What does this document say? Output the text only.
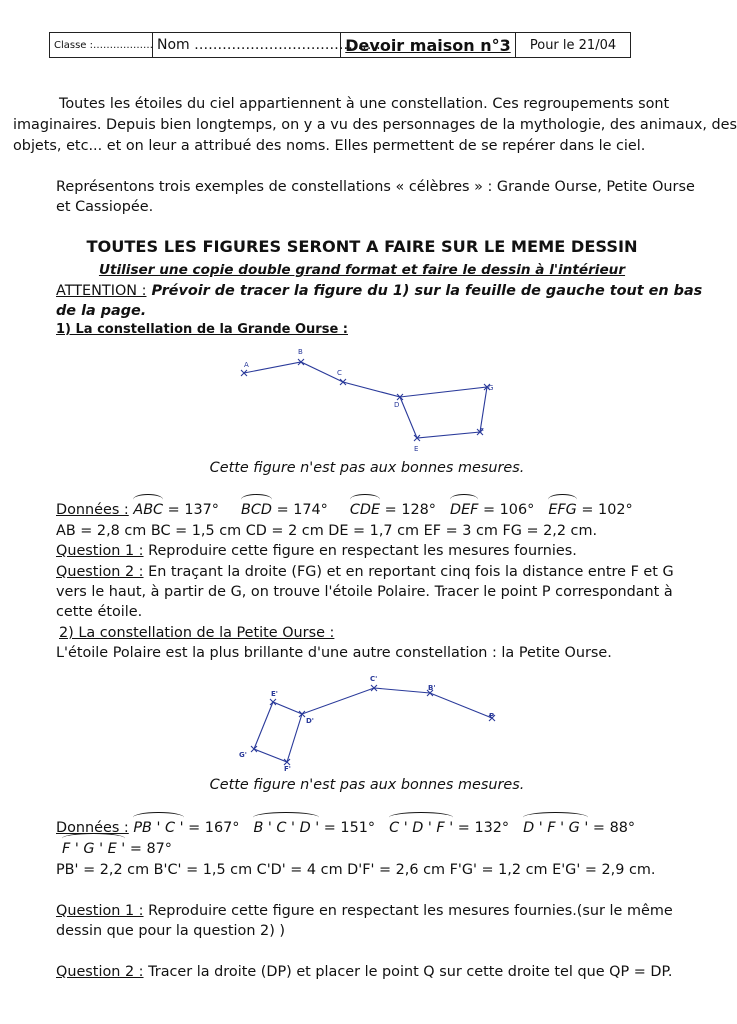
Classe :……………… Nom ………………………………….
Devoir maison n°3	Pour le 21/04
Toutes les étoiles du ciel appartiennent à une constellation. Ces regroupements sont
imaginaires. Depuis bien longtemps, on y a vu des personnages de la mythologie, des animaux, des
objets, etc... et on leur a attribué des noms. Elles permettent de se repérer dans le ciel.
Représentons trois exemples de constellations « célèbres » : Grande Ourse, Petite Ourse
et Cassiopée.
TOUTES LES FIGURES SERONT A FAIRE SUR LE MEME DESSIN
Utiliser une copie double grand format et faire le dessin à l'intérieur
ATTENTION : Prévoir de tracer la figure du 1) sur la feuille de gauche tout en bas
de la page.
1) La constellation de la Grande Ourse :
A
B
C
D
E
F
G
Cette figure n'est pas aux bonnes mesures.
Données : ABC = 137° BCD = 174° CDE = 128° DEF = 106° EFG = 102°
AB = 2,8 cm BC = 1,5 cm CD = 2 cm DE = 1,7 cm EF = 3 cm FG = 2,2 cm.
Question 1 : Reproduire cette figure en respectant les mesures fournies.
Question 2 : En traçant la droite (FG) et en reportant cinq fois la distance entre F et G
vers le haut, à partir de G, on trouve l'étoile Polaire. Tracer le point P correspondant à
cette étoile.
2) La constellation de la Petite Ourse :
L'étoile Polaire est la plus brillante d'une autre constellation : la Petite Ourse.
E'
C'
B'
P
D'
G'
F'
Cette figure n'est pas aux bonnes mesures.
Données : PB ' C ' = 167° B ' C ' D ' = 151° C ' D ' F ' = 132° D ' F ' G ' = 88°
F ' G ' E ' = 87°
PB' = 2,2 cm B'C' = 1,5 cm C'D' = 4 cm D'F' = 2,6 cm F'G' = 1,2 cm E'G' = 2,9 cm.
Question 1 : Reproduire cette figure en respectant les mesures fournies.(sur le même
dessin que pour la question 2) )
Question 2 : Tracer la droite (DP) et placer le point Q sur cette droite tel que QP = DP.
